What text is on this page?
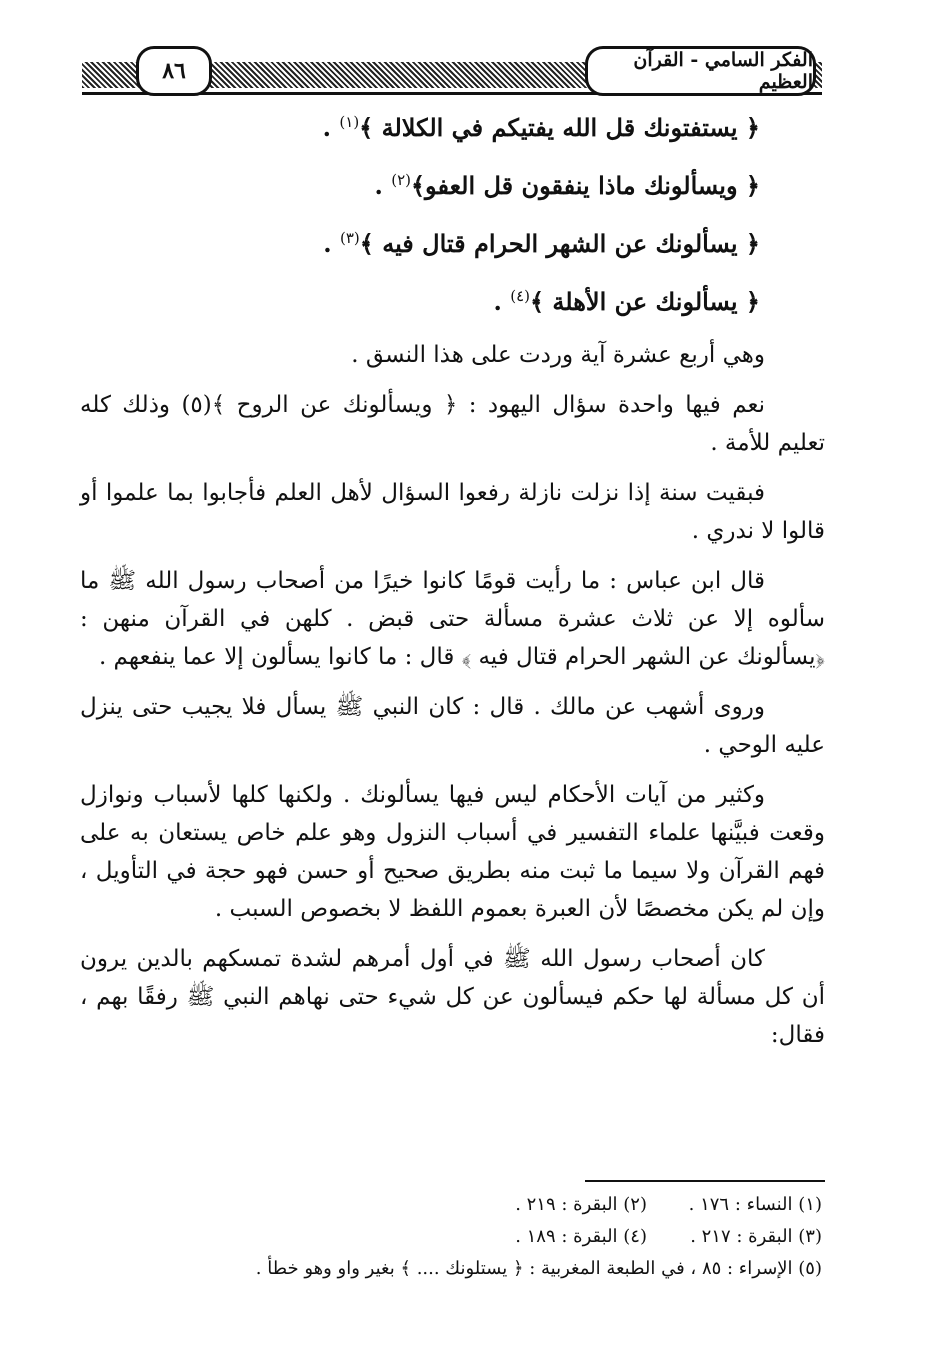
٨٦	الفكر السامي - القرآن العظيم
﴿ يستفتونك قل الله يفتيكم في الكلالة ﴾$^{(١)}$ .
﴿ ويسألونك ماذا ينفقون قل العفو﴾$^{(٢)}$ .
﴿ يسألونك عن الشهر الحرام قتال فيه ﴾$^{(٣)}$ .
﴿ يسألونك عن الأهلة ﴾$^{(٤)}$ .

وهي أربع عشرة آية وردت على هذا النسق .

نعم فيها واحدة سؤال اليهود : ﴿ ويسألونك عن الروح ﴾(٥) وذلك كله تعليم للأمة .

فبقيت سنة إذا نزلت نازلة رفعوا السؤال لأهل العلم فأجابوا بما علموا أو قالوا لا ندري .

قال ابن عباس : ما رأيت قومًا كانوا خيرًا من أصحاب رسول الله ﷺ ما سألوه إلا عن ثلاث عشرة مسألة حتى قبض . كلهن في القرآن منهن : ﴿يسألونك عن الشهر الحرام قتال فيه ﴾ قال : ما كانوا يسألون إلا عما ينفعهم .

وروى أشهب عن مالك . قال : كان النبي ﷺ يسأل فلا يجيب حتى ينزل عليه الوحي .

وكثير من آيات الأحكام ليس فيها يسألونك . ولكنها كلها لأسباب ونوازل وقعت فبيَّنها علماء التفسير في أسباب النزول وهو علم خاص يستعان به على فهم القرآن ولا سيما ما ثبت منه بطريق صحيح أو حسن فهو حجة في التأويل ، وإن لم يكن مخصصًا لأن العبرة بعموم اللفظ لا بخصوص السبب .

كان أصحاب رسول الله ﷺ في أول أمرهم لشدة تمسكهم بالدين يرون أن كل مسألة لها حكم فيسألون عن كل شيء حتى نهاهم النبي ﷺ رفقًا بهم ، فقال:

(١) النساء : ١٧٦ .
(٢) البقرة : ٢١٩ .
(٣) البقرة : ٢١٧ .
(٤) البقرة : ١٨٩ .
(٥) الإسراء : ٨٥ ، في الطبعة المغربية : ﴿ يستلونك .... ﴾ بغير واو وهو خطأ .
